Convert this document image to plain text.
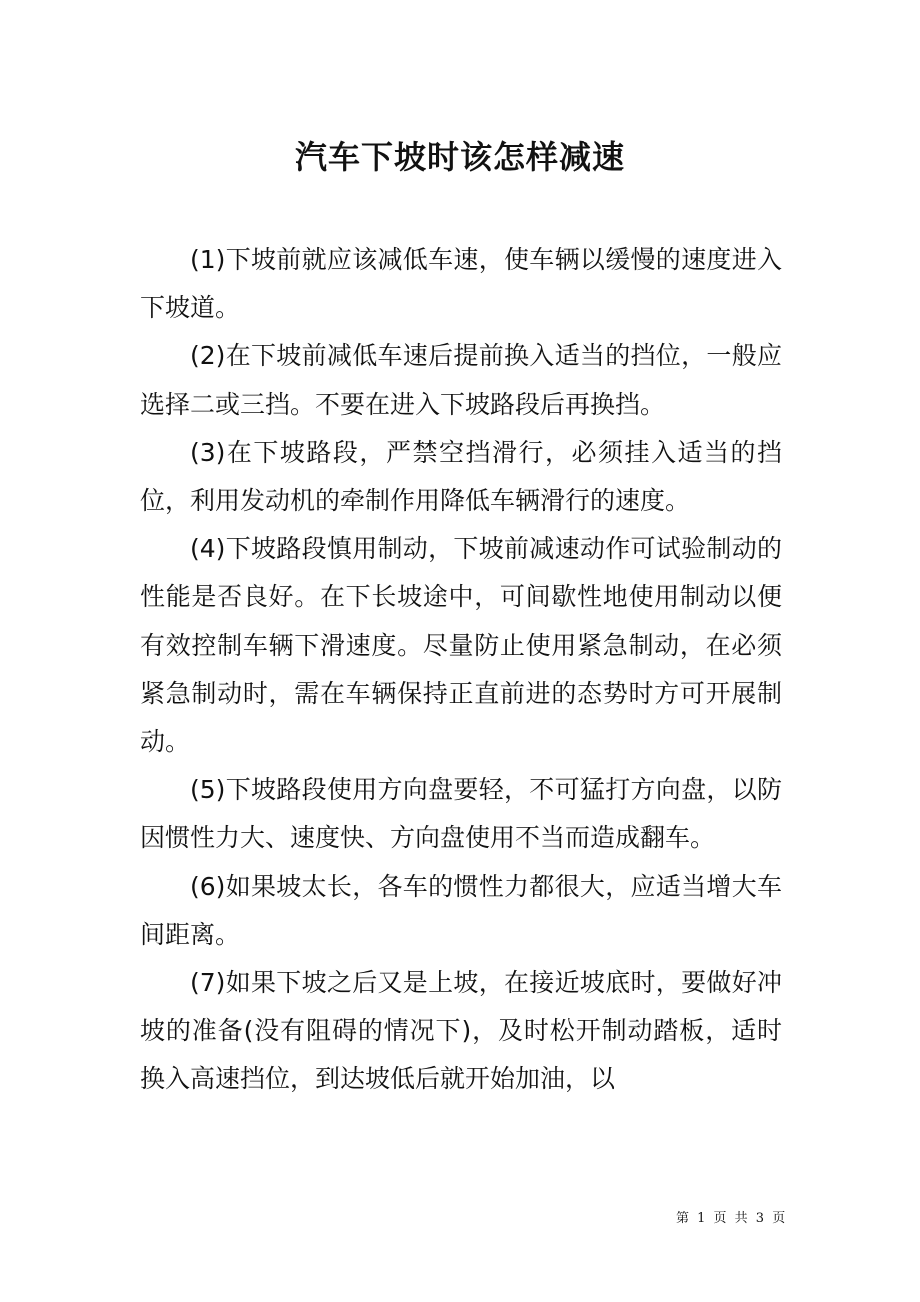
汽车下坡时该怎样减速

(1)下坡前就应该减低车速，使车辆以缓慢的速度进入下坡道。

(2)在下坡前减低车速后提前换入适当的挡位，一般应选择二或三挡。不要在进入下坡路段后再换挡。

(3)在下坡路段，严禁空挡滑行，必须挂入适当的挡位，利用发动机的牵制作用降低车辆滑行的速度。

(4)下坡路段慎用制动，下坡前减速动作可试验制动的性能是否良好。在下长坡途中，可间歇性地使用制动以便有效控制车辆下滑速度。尽量防止使用紧急制动，在必须紧急制动时，需在车辆保持正直前进的态势时方可开展制动。

(5)下坡路段使用方向盘要轻，不可猛打方向盘，以防因惯性力大、速度快、方向盘使用不当而造成翻车。

(6)如果坡太长，各车的惯性力都很大，应适当增大车间距离。

(7)如果下坡之后又是上坡，在接近坡底时，要做好冲坡的准备(没有阻碍的情况下)，及时松开制动踏板，适时换入高速挡位，到达坡低后就开始加油，以

第 1 页 共 3 页
